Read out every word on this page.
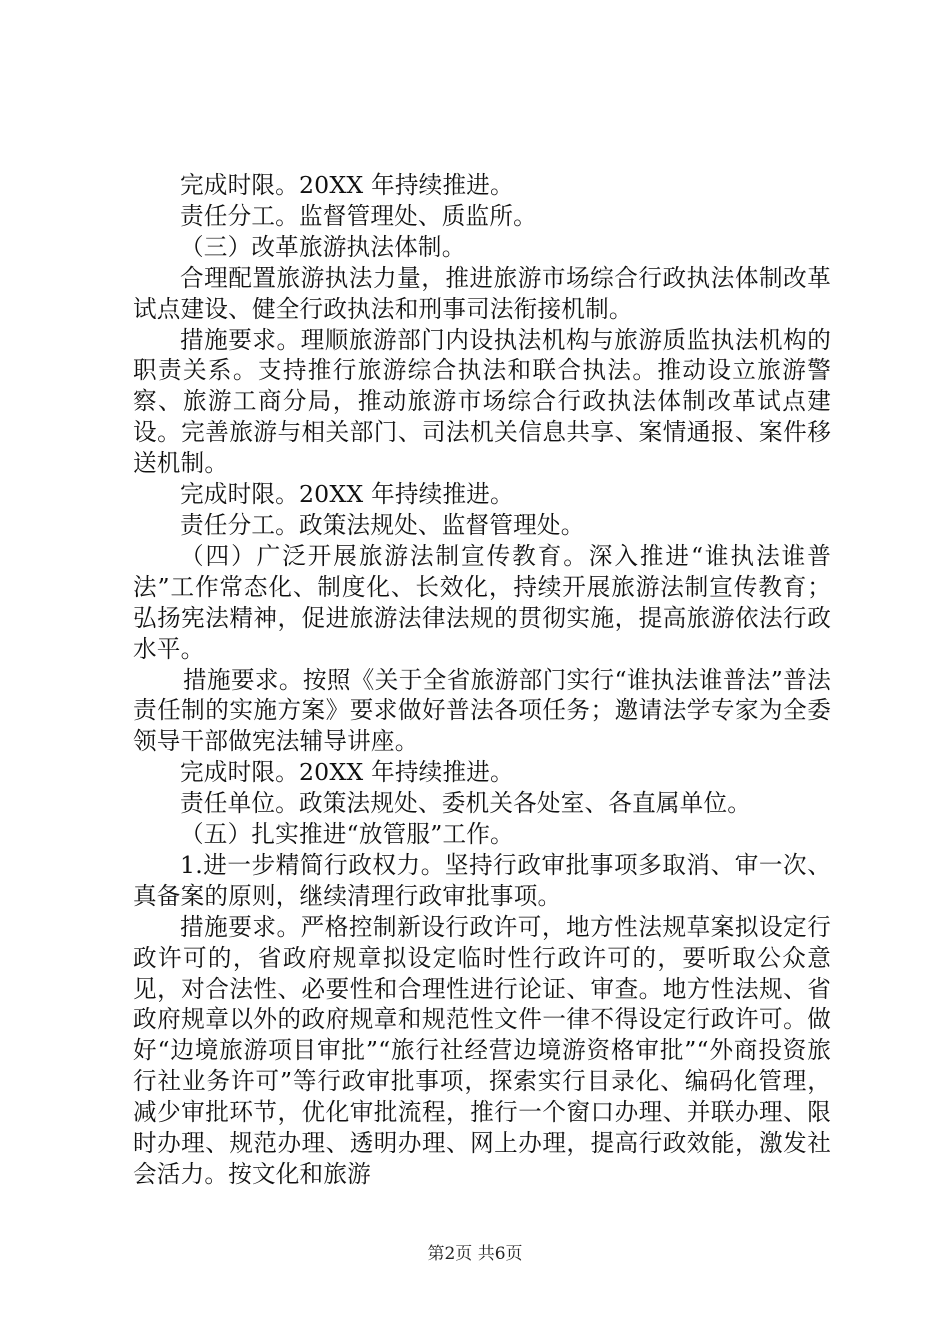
完成时限。20XX 年持续推进。

责任分工。监督管理处、质监所。

（三）改革旅游执法体制。

合理配置旅游执法力量，推进旅游市场综合行政执法体制改革试点建设、健全行政执法和刑事司法衔接机制。

措施要求。理顺旅游部门内设执法机构与旅游质监执法机构的职责关系。支持推行旅游综合执法和联合执法。推动设立旅游警察、旅游工商分局，推动旅游市场综合行政执法体制改革试点建设。完善旅游与相关部门、司法机关信息共享、案情通报、案件移送机制。

完成时限。20XX 年持续推进。

责任分工。政策法规处、监督管理处。

（四）广泛开展旅游法制宣传教育。深入推进“谁执法谁普法”工作常态化、制度化、长效化，持续开展旅游法制宣传教育；弘扬宪法精神，促进旅游法律法规的贯彻实施，提高旅游依法行政水平。

措施要求。按照《关于全省旅游部门实行“谁执法谁普法”普法责任制的实施方案》要求做好普法各项任务；邀请法学专家为全委领导干部做宪法辅导讲座。

完成时限。20XX 年持续推进。

责任单位。政策法规处、委机关各处室、各直属单位。

（五）扎实推进“放管服”工作。

1.进一步精简行政权力。坚持行政审批事项多取消、审一次、真备案的原则，继续清理行政审批事项。

措施要求。严格控制新设行政许可，地方性法规草案拟设定行政许可的，省政府规章拟设定临时性行政许可的，要听取公众意见，对合法性、必要性和合理性进行论证、审查。地方性法规、省政府规章以外的政府规章和规范性文件一律不得设定行政许可。做好“边境旅游项目审批”“旅行社经营边境游资格审批”“外商投资旅行社业务许可”等行政审批事项，探索实行目录化、编码化管理，减少审批环节，优化审批流程，推行一个窗口办理、并联办理、限时办理、规范办理、透明办理、网上办理，提高行政效能，激发社会活力。按文化和旅游

第2页 共6页
